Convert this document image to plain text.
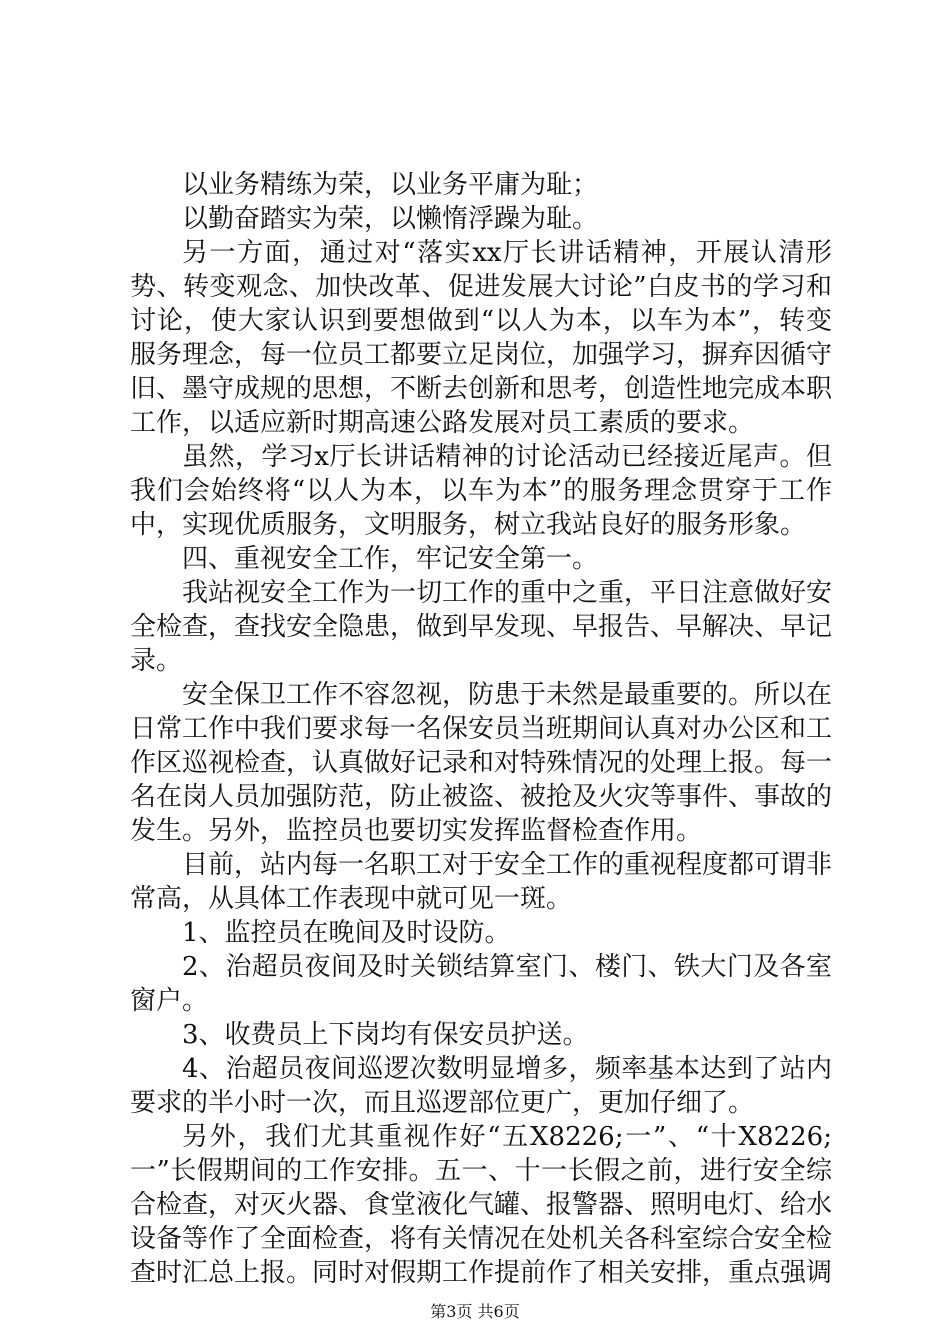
以业务精练为荣，以业务平庸为耻；

以勤奋踏实为荣，以懒惰浮躁为耻。

另一方面，通过对“落实xx厅长讲话精神，开展认清形势、转变观念、加快改革、促进发展大讨论”白皮书的学习和讨论，使大家认识到要想做到“以人为本，以车为本”，转变服务理念，每一位员工都要立足岗位，加强学习，摒弃因循守旧、墨守成规的思想，不断去创新和思考，创造性地完成本职工作，以适应新时期高速公路发展对员工素质的要求。

虽然，学习x厅长讲话精神的讨论活动已经接近尾声。但我们会始终将“以人为本，以车为本”的服务理念贯穿于工作中，实现优质服务，文明服务，树立我站良好的服务形象。

四、重视安全工作，牢记安全第一。

我站视安全工作为一切工作的重中之重，平日注意做好安全检查，查找安全隐患，做到早发现、早报告、早解决、早记录。

安全保卫工作不容忽视，防患于未然是最重要的。所以在日常工作中我们要求每一名保安员当班期间认真对办公区和工作区巡视检查，认真做好记录和对特殊情况的处理上报。每一名在岗人员加强防范，防止被盗、被抢及火灾等事件、事故的发生。另外，监控员也要切实发挥监督检查作用。

目前，站内每一名职工对于安全工作的重视程度都可谓非常高，从具体工作表现中就可见一斑。

1、监控员在晚间及时设防。

2、治超员夜间及时关锁结算室门、楼门、铁大门及各室窗户。

3、收费员上下岗均有保安员护送。

4、治超员夜间巡逻次数明显增多，频率基本达到了站内要求的半小时一次，而且巡逻部位更广，更加仔细了。

另外，我们尤其重视作好“五X8226;一”、“十X8226;一”长假期间的工作安排。五一、十一长假之前，进行安全综合检查，对灭火器、食堂液化气罐、报警器、照明电灯、给水设备等作了全面检查，将有关情况在处机关各科室综合安全检查时汇总上报。同时对假期工作提前作了相关安排，重点强调

第3页 共6页
